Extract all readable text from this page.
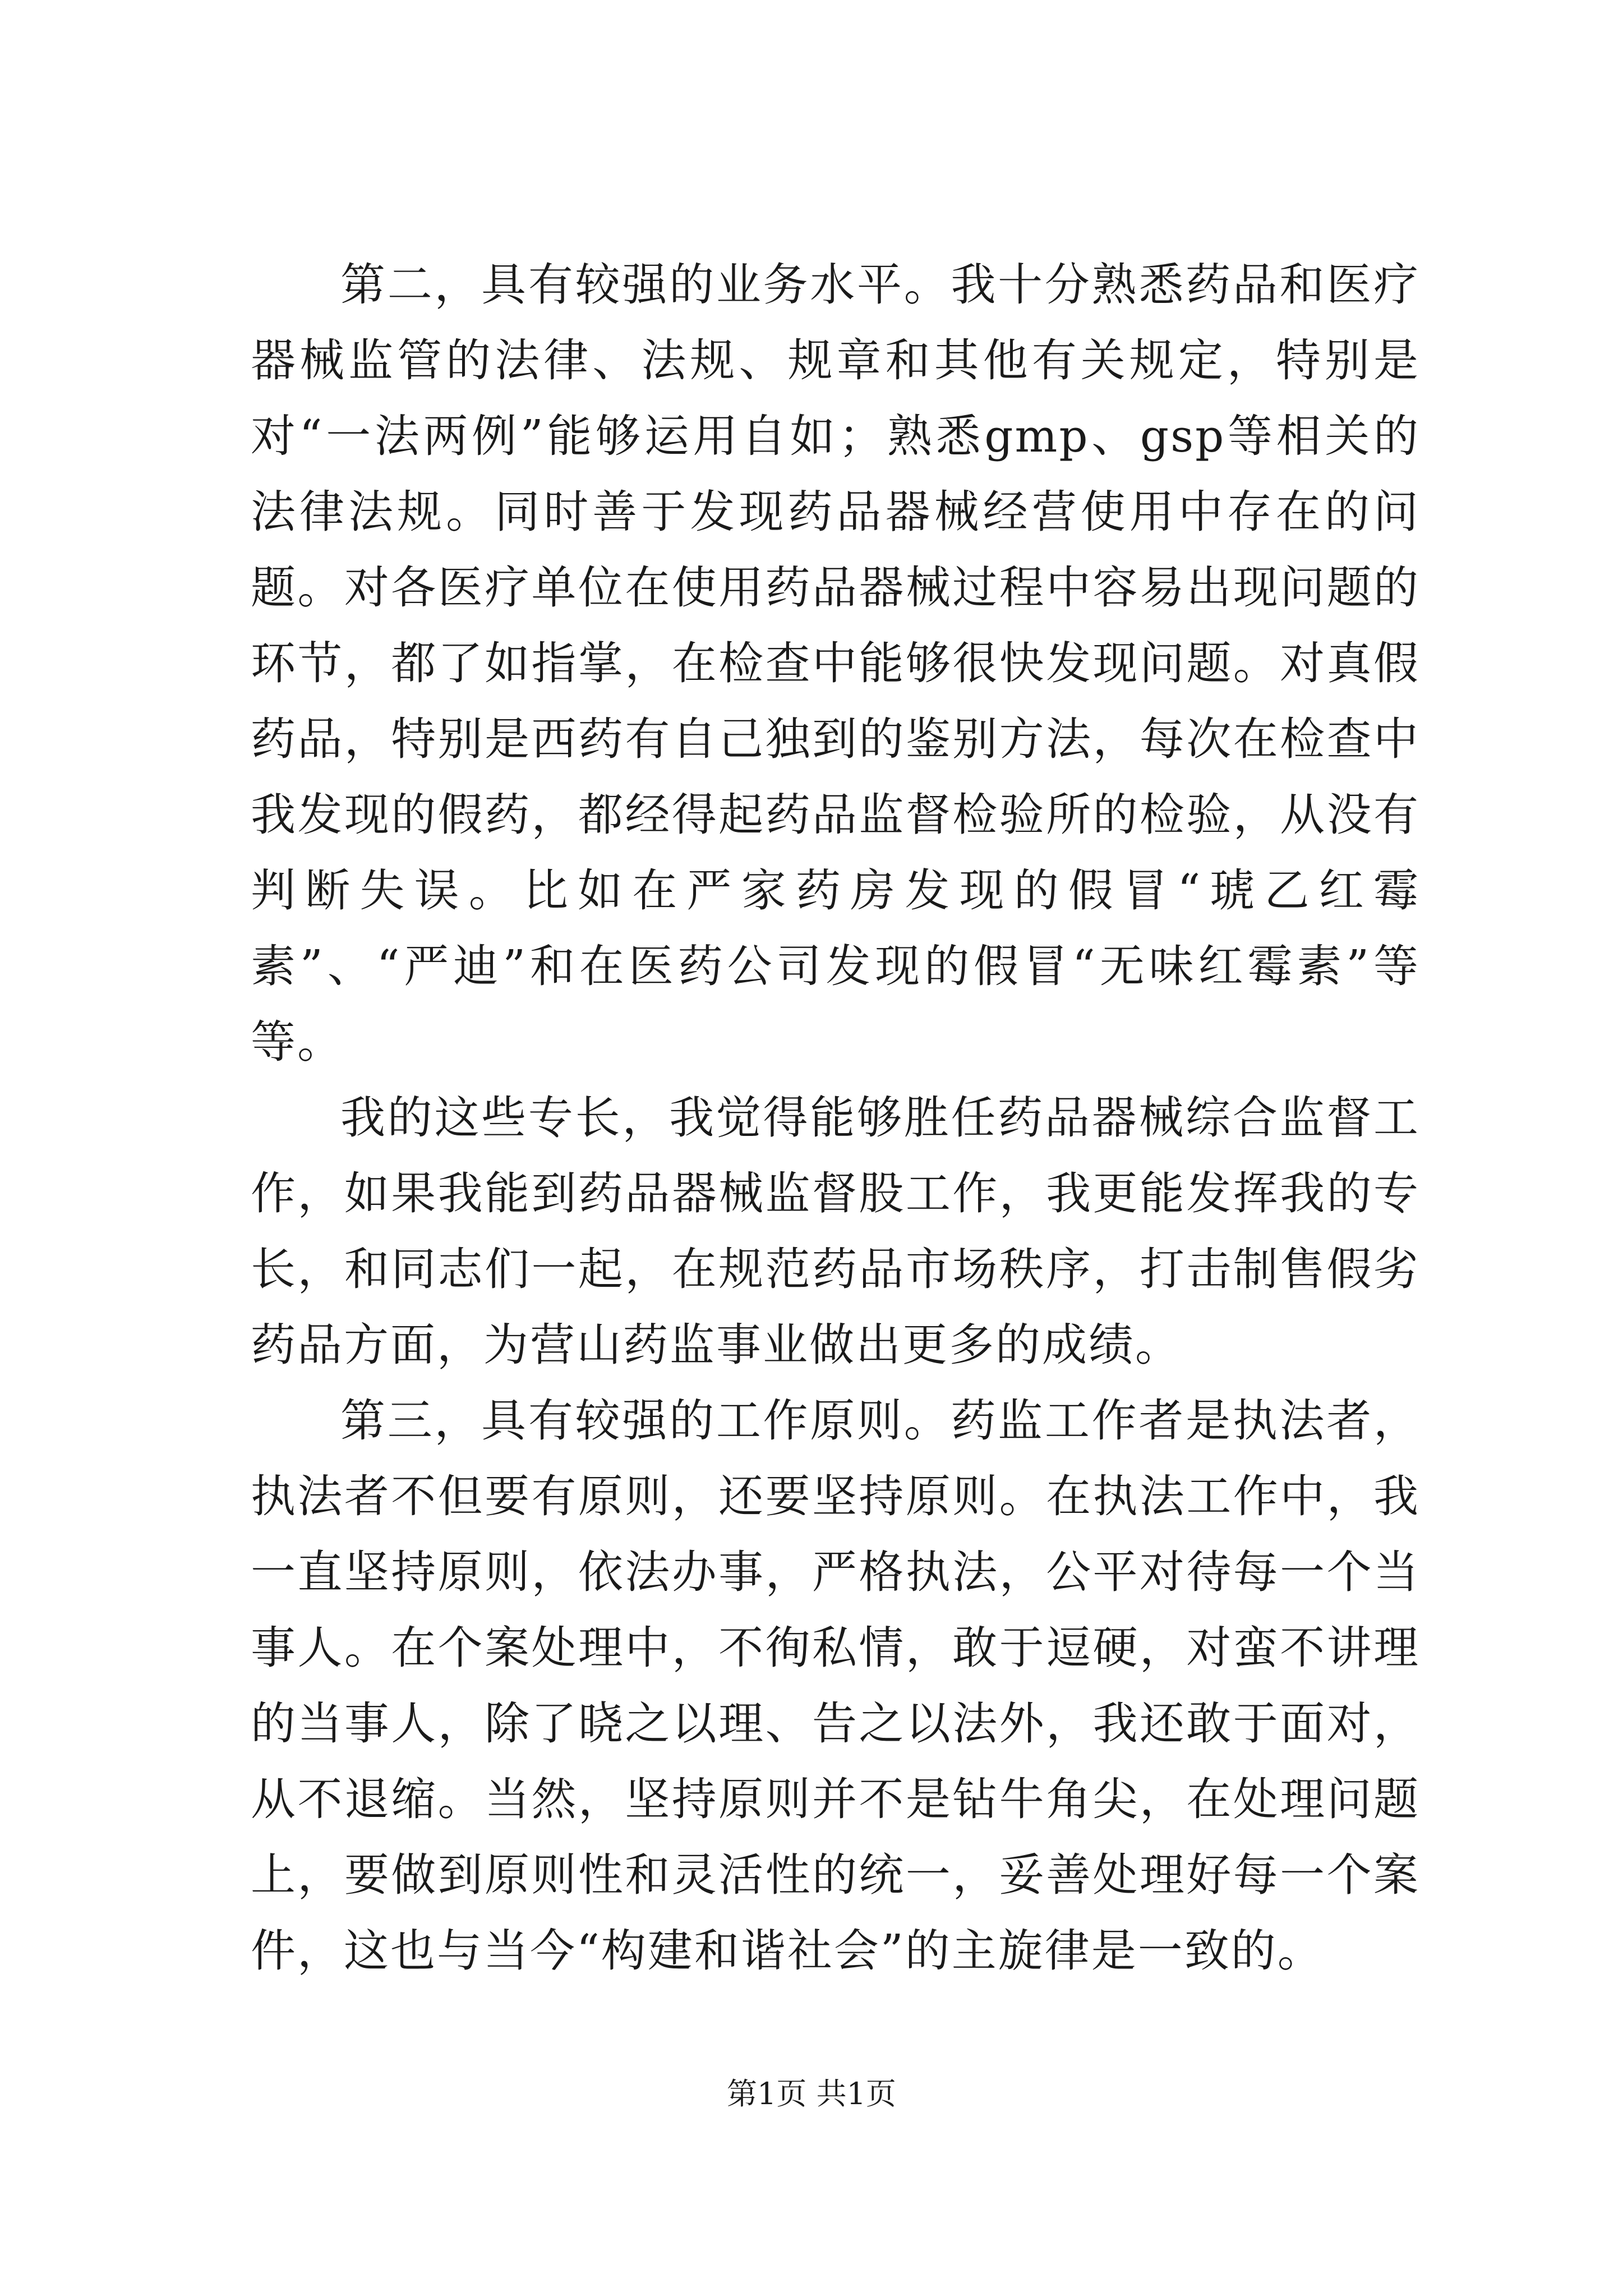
第二，具有较强的业务水平。我十分熟悉药品和医疗器械监管的法律、法规、规章和其他有关规定，特别是对“一法两例”能够运用自如；熟悉gmp、gsp等相关的法律法规。同时善于发现药品器械经营使用中存在的问题。对各医疗单位在使用药品器械过程中容易出现问题的环节，都了如指掌，在检查中能够很快发现问题。对真假药品，特别是西药有自己独到的鉴别方法，每次在检查中我发现的假药，都经得起药品监督检验所的检验，从没有判断失误。比如在严家药房发现的假冒“琥乙红霉素”、“严迪”和在医药公司发现的假冒“无味红霉素”等等。

我的这些专长，我觉得能够胜任药品器械综合监督工作，如果我能到药品器械监督股工作，我更能发挥我的专长，和同志们一起，在规范药品市场秩序，打击制售假劣药品方面，为营山药监事业做出更多的成绩。

第三，具有较强的工作原则。药监工作者是执法者，执法者不但要有原则，还要坚持原则。在执法工作中，我一直坚持原则，依法办事，严格执法，公平对待每一个当事人。在个案处理中，不徇私情，敢于逗硬，对蛮不讲理的当事人，除了晓之以理、告之以法外，我还敢于面对，从不退缩。当然，坚持原则并不是钻牛角尖，在处理问题上，要做到原则性和灵活性的统一，妥善处理好每一个案件，这也与当今“构建和谐社会”的主旋律是一致的。

第1页 共1页
